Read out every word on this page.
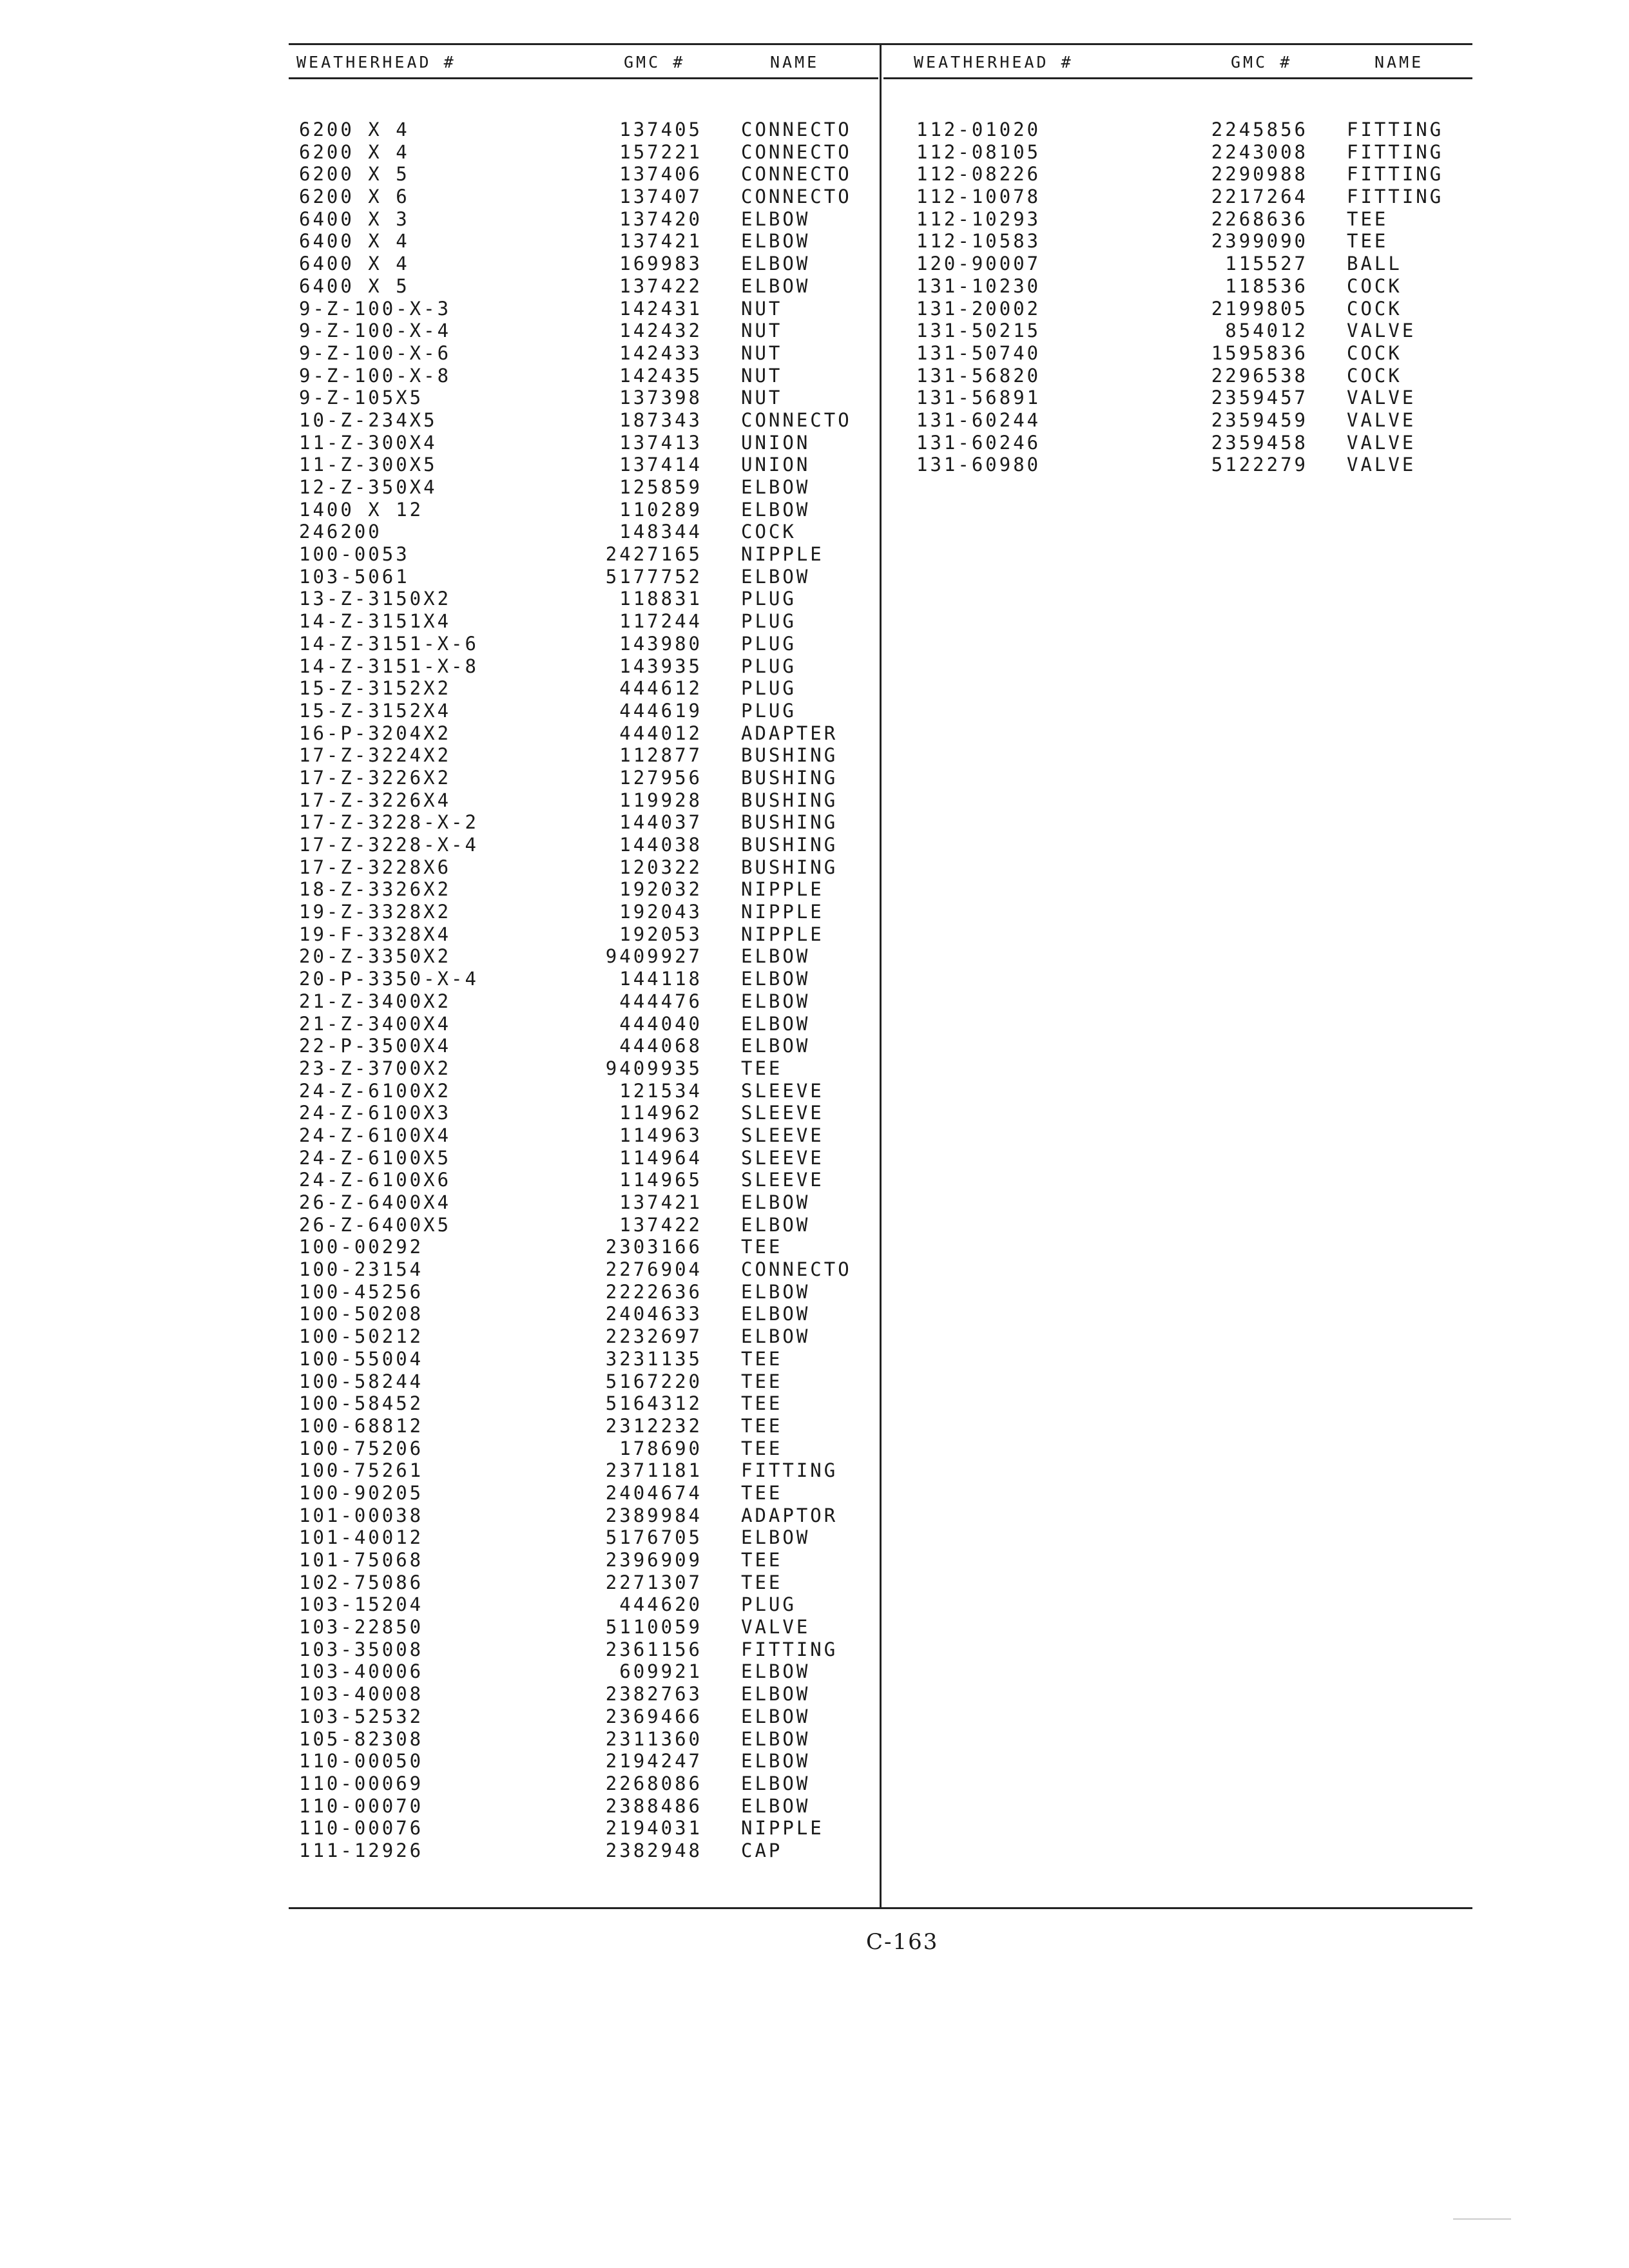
WEATHERHEAD #	GMC #	NAME	WEATHERHEAD #	GMC #	NAME
6200 X 4	137405 CONNECTO
6200 X 4	157221 CONNECTO
6200 X 5	137406 CONNECTO
6200 X 6	137407 CONNECTO
6400 X 3	137420 ELBOW
6400 X 4	137421 ELBOW
6400 X 4	169983 ELBOW
6400 X 5	137422 ELBOW
9-Z-100-X-3	142431 NUT
9-Z-100-X-4	142432 NUT
9-Z-100-X-6	142433 NUT
9-Z-100-X-8	142435 NUT
9-Z-105X5	137398 NUT
10-Z-234X5	187343 CONNECTO
11-Z-300X4	137413 UNION
11-Z-300X5	137414 UNION
12-Z-350X4	125859 ELBOW
1400 X 12	110289 ELBOW
246200	148344 COCK
100-0053	2427165 NIPPLE
103-5061	5177752 ELBOW
13-Z-3150X2	118831 PLUG
14-Z-3151X4	117244 PLUG
14-Z-3151-X-6	143980 PLUG
14-Z-3151-X-8	143935 PLUG
15-Z-3152X2	444612 PLUG
15-Z-3152X4	444619 PLUG
16-P-3204X2	444012 ADAPTER
17-Z-3224X2	112877 BUSHING
17-Z-3226X2	127956 BUSHING
17-Z-3226X4	119928 BUSHING
17-Z-3228-X-2	144037 BUSHING
17-Z-3228-X-4	144038 BUSHING
17-Z-3228X6	120322 BUSHING
18-Z-3326X2	192032 NIPPLE
19-Z-3328X2	192043 NIPPLE
19-F-3328X4	192053 NIPPLE
20-Z-3350X2	9409927 ELBOW
20-P-3350-X-4	144118 ELBOW
21-Z-3400X2	444476 ELBOW
21-Z-3400X4	444040 ELBOW
22-P-3500X4	444068 ELBOW
23-Z-3700X2	9409935 TEE
24-Z-6100X2	121534 SLEEVE
24-Z-6100X3	114962 SLEEVE
24-Z-6100X4	114963 SLEEVE
24-Z-6100X5	114964 SLEEVE
24-Z-6100X6	114965 SLEEVE
26-Z-6400X4	137421 ELBOW
26-Z-6400X5	137422 ELBOW
100-00292	2303166 TEE
100-23154	2276904 CONNECTO
100-45256	2222636 ELBOW
100-50208	2404633 ELBOW
100-50212	2232697 ELBOW
100-55004	3231135 TEE
100-58244	5167220 TEE
100-58452	5164312 TEE
100-68812	2312232 TEE
100-75206	178690 TEE
100-75261	2371181 FITTING
100-90205	2404674 TEE
101-00038	2389984 ADAPTOR
101-40012	5176705 ELBOW
101-75068	2396909 TEE
102-75086	2271307 TEE
103-15204	444620 PLUG
103-22850	5110059 VALVE
103-35008	2361156 FITTING
103-40006	609921 ELBOW
103-40008	2382763 ELBOW
103-52532	2369466 ELBOW
105-82308	2311360 ELBOW
110-00050	2194247 ELBOW
110-00069	2268086 ELBOW
110-00070	2388486 ELBOW
110-00076	2194031 NIPPLE
111-12926	2382948 CAP
112-01020	2245856 FITTING
112-08105	2243008 FITTING
112-08226	2290988 FITTING
112-10078	2217264 FITTING
112-10293	2268636 TEE
112-10583	2399090 TEE
120-90007	115527 BALL
131-10230	118536 COCK
131-20002	2199805 COCK
131-50215	854012 VALVE
131-50740	1595836 COCK
131-56820	2296538 COCK
131-56891	2359457 VALVE
131-60244	2359459 VALVE
131-60246	2359458 VALVE
131-60980	5122279 VALVE
C-163
